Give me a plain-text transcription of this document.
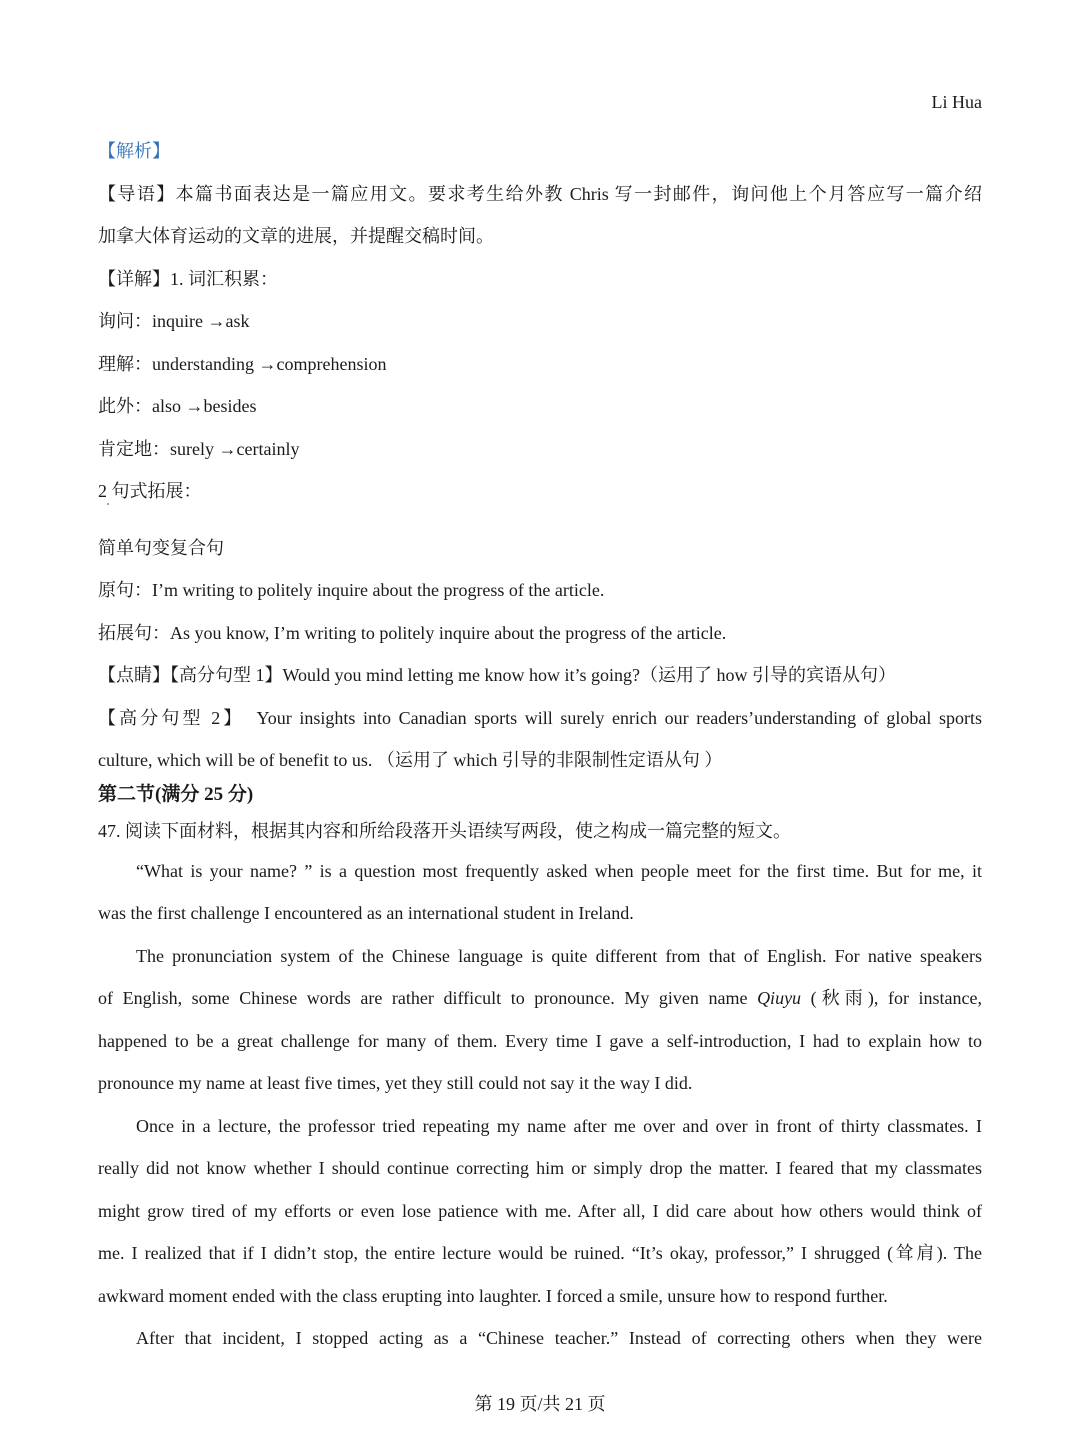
Li Hua
【解析】
【导语】本篇书面表达是一篇应用文。要求考生给外教 Chris 写一封邮件，询问他上个月答应写一篇介绍
加拿大体育运动的文章的进展，并提醒交稿时间。
【详解】1. 词汇积累：
询问：inquire →ask
理解：understanding →comprehension
此外：also →besides
肯定地：surely →certainly
2 句式拓展：
简单句变复合句
原句：I’m writing to politely inquire about the progress of the article.
拓展句：As you know, I’m writing to politely inquire about the progress of the article.
【点睛】【高分句型 1】Would you mind letting me know how it’s going?（运用了 how 引导的宾语从句）
【高分句型 2】　Your insights into Canadian sports will surely enrich our readers’understanding of global sports
culture, which will be of benefit to us. （运用了 which 引导的非限制性定语从句 ）
第二节(满分 25 分)
47. 阅读下面材料，根据其内容和所给段落开头语续写两段，使之构成一篇完整的短文。
“What is your name? ” is a question most frequently asked when people meet for the first time. But for me, it
was the first challenge I encountered as an international student in Ireland.
The pronunciation system of the Chinese language is quite different from that of English. For native speakers
of English, some Chinese words are rather difficult to pronounce. My given name Qiuyu (秋雨), for instance,
happened to be a great challenge for many of them. Every time I gave a self-introduction, I had to explain how to
pronounce my name at least five times, yet they still could not say it the way I did.
Once in a lecture, the professor tried repeating my name after me over and over in front of thirty classmates. I
really did not know whether I should continue correcting him or simply drop the matter. I feared that my classmates
might grow tired of my efforts or even lose patience with me. After all, I did care about how others would think of
me. I realized that if I didn’t stop, the entire lecture would be ruined. “It’s okay, professor,” I shrugged (耸肩). The
awkward moment ended with the class erupting into laughter. I forced a smile, unsure how to respond further.
After that incident, I stopped acting as a “Chinese teacher.” Instead of correcting others when they were
第 19 页/共 21 页
